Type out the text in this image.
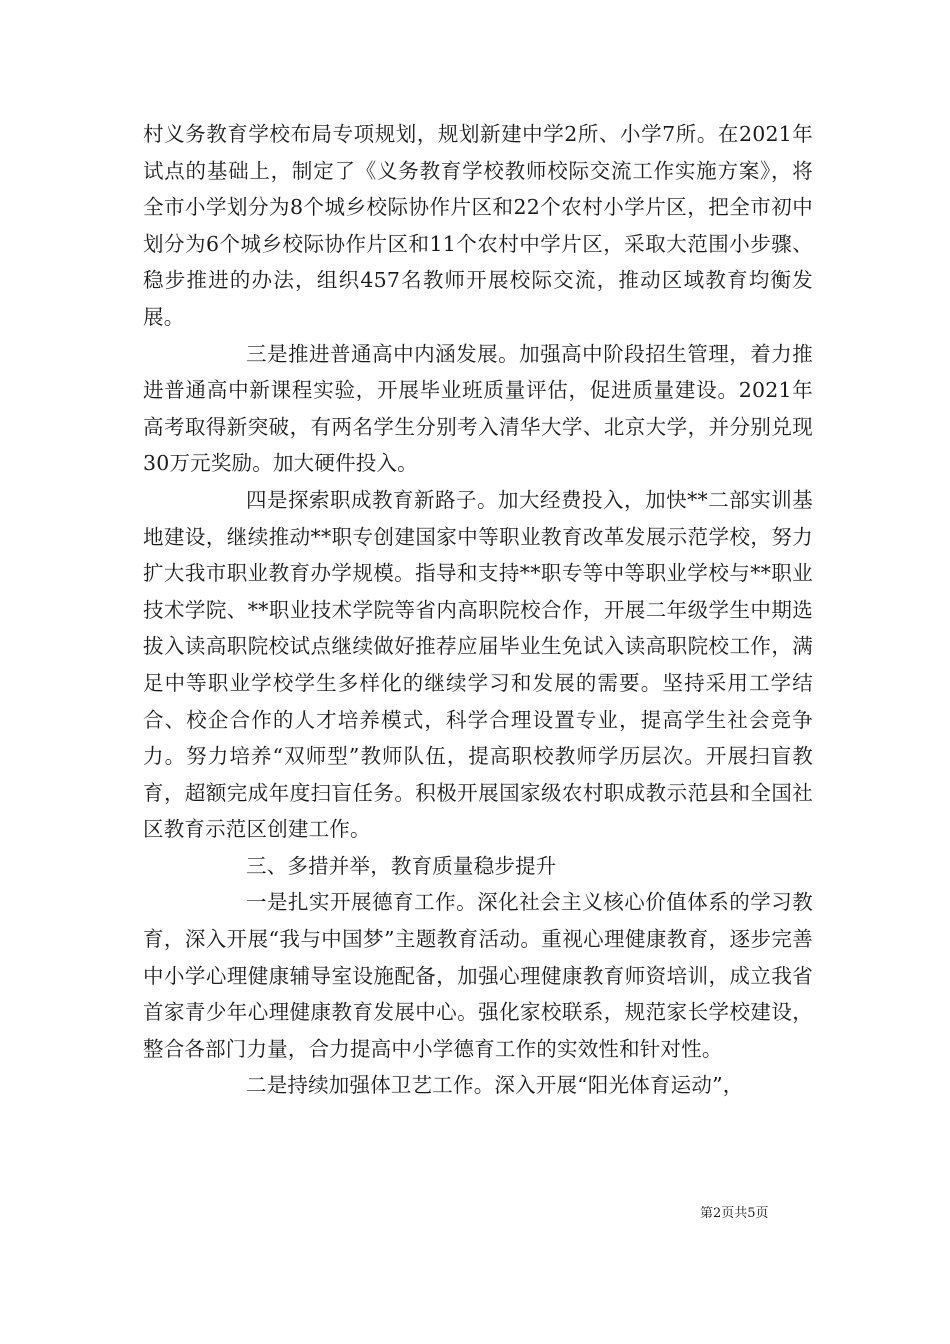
村义务教育学校布局专项规划，规划新建中学2所、小学7所。在2021年试点的基础上，制定了《义务教育学校教师校际交流工作实施方案》，将全市小学划分为8个城乡校际协作片区和22个农村小学片区，把全市初中划分为6个城乡校际协作片区和11个农村中学片区，采取大范围小步骤、稳步推进的办法，组织457名教师开展校际交流，推动区域教育均衡发展。

三是推进普通高中内涵发展。加强高中阶段招生管理，着力推进普通高中新课程实验，开展毕业班质量评估，促进质量建设。2021年高考取得新突破，有两名学生分别考入清华大学、北京大学，并分别兑现30万元奖励。加大硬件投入。

四是探索职成教育新路子。加大经费投入，加快**二部实训基地建设，继续推动**职专创建国家中等职业教育改革发展示范学校，努力扩大我市职业教育办学规模。指导和支持**职专等中等职业学校与**职业技术学院、**职业技术学院等省内高职院校合作，开展二年级学生中期选拔入读高职院校试点继续做好推荐应届毕业生免试入读高职院校工作，满足中等职业学校学生多样化的继续学习和发展的需要。坚持采用工学结合、校企合作的人才培养模式，科学合理设置专业，提高学生社会竞争力。努力培养“双师型”教师队伍，提高职校教师学历层次。开展扫盲教育，超额完成年度扫盲任务。积极开展国家级农村职成教示范县和全国社区教育示范区创建工作。

三、多措并举，教育质量稳步提升

一是扎实开展德育工作。深化社会主义核心价值体系的学习教育，深入开展“我与中国梦”主题教育活动。重视心理健康教育，逐步完善中小学心理健康辅导室设施配备，加强心理健康教育师资培训，成立我省首家青少年心理健康教育发展中心。强化家校联系，规范家长学校建设，整合各部门力量，合力提高中小学德育工作的实效性和针对性。

二是持续加强体卫艺工作。深入开展“阳光体育运动”，

第2页共5页
